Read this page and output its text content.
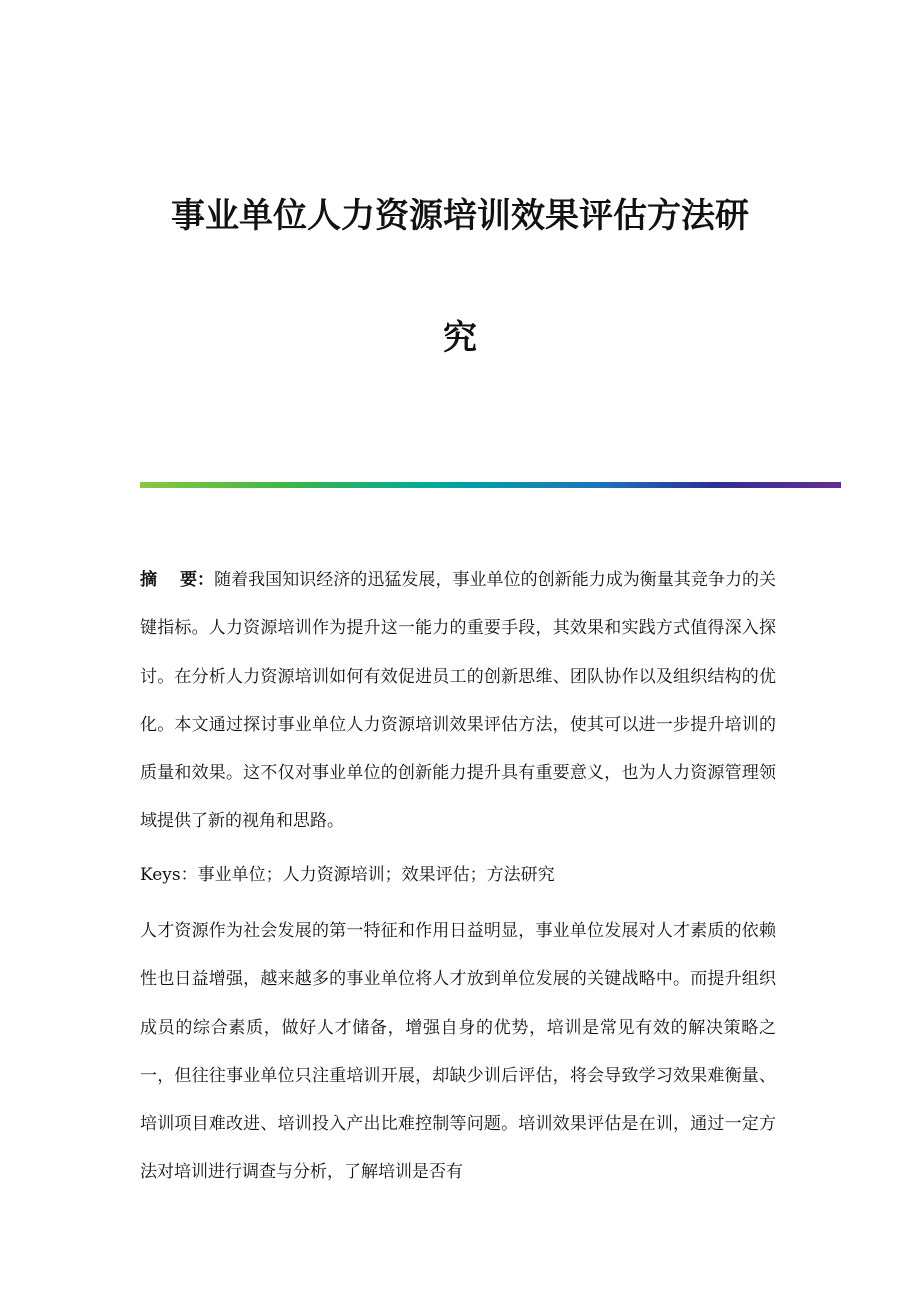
事业单位人力资源培训效果评估方法研
究
摘　 要：随着我国知识经济的迅猛发展，事业单位的创新能力成为衡量其竞争力的关键指标。人力资源培训作为提升这一能力的重要手段，其效果和实践方式值得深入探讨。在分析人力资源培训如何有效促进员工的创新思维、团队协作以及组织结构的优化。本文通过探讨事业单位人力资源培训效果评估方法，使其可以进一步提升培训的质量和效果。这不仅对事业单位的创新能力提升具有重要意义，也为人力资源管理领域提供了新的视角和思路。
Keys：事业单位；人力资源培训；效果评估；方法研究
人才资源作为社会发展的第一特征和作用日益明显，事业单位发展对人才素质的依赖性也日益增强，越来越多的事业单位将人才放到单位发展的关键战略中。而提升组织成员的综合素质，做好人才储备，增强自身的优势，培训是常见有效的解决策略之一，但往往事业单位只注重培训开展，却缺少训后评估，将会导致学习效果难衡量、培训项目难改进、培训投入产出比难控制等问题。培训效果评估是在训，通过一定方法对培训进行调查与分析，了解培训是否有
